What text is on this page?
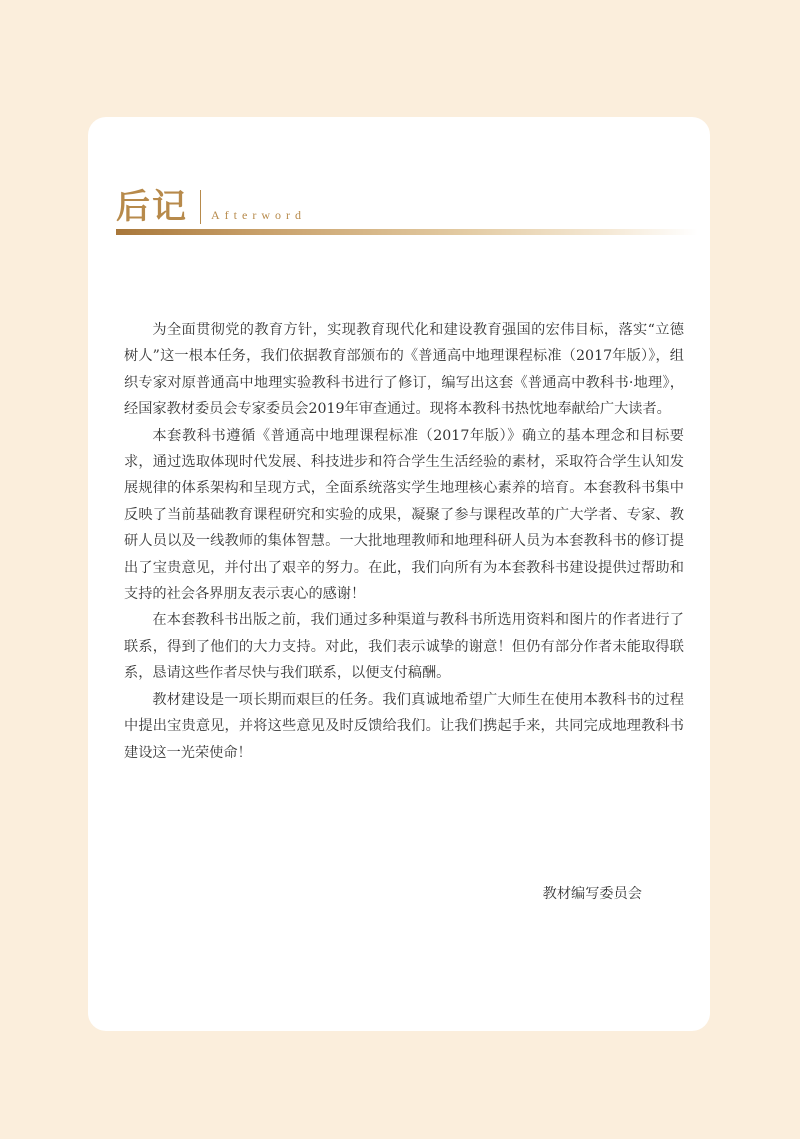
后记 Afterword

为全面贯彻党的教育方针，实现教育现代化和建设教育强国的宏伟目标，落实“立德树人”这一根本任务，我们依据教育部颁布的《普通高中地理课程标准（2017年版）》，组织专家对原普通高中地理实验教科书进行了修订，编写出这套《普通高中教科书·地理》，经国家教材委员会专家委员会2019年审查通过。现将本教科书热忱地奉献给广大读者。

本套教科书遵循《普通高中地理课程标准（2017年版）》确立的基本理念和目标要求，通过选取体现时代发展、科技进步和符合学生生活经验的素材，采取符合学生认知发展规律的体系架构和呈现方式，全面系统落实学生地理核心素养的培育。本套教科书集中反映了当前基础教育课程研究和实验的成果，凝聚了参与课程改革的广大学者、专家、教研人员以及一线教师的集体智慧。一大批地理教师和地理科研人员为本套教科书的修订提出了宝贵意见，并付出了艰辛的努力。在此，我们向所有为本套教科书建设提供过帮助和支持的社会各界朋友表示衷心的感谢！

在本套教科书出版之前，我们通过多种渠道与教科书所选用资料和图片的作者进行了联系，得到了他们的大力支持。对此，我们表示诚挚的谢意！但仍有部分作者未能取得联系，恳请这些作者尽快与我们联系，以便支付稿酬。

教材建设是一项长期而艰巨的任务。我们真诚地希望广大师生在使用本教科书的过程中提出宝贵意见，并将这些意见及时反馈给我们。让我们携起手来，共同完成地理教科书建设这一光荣使命！

教材编写委员会
